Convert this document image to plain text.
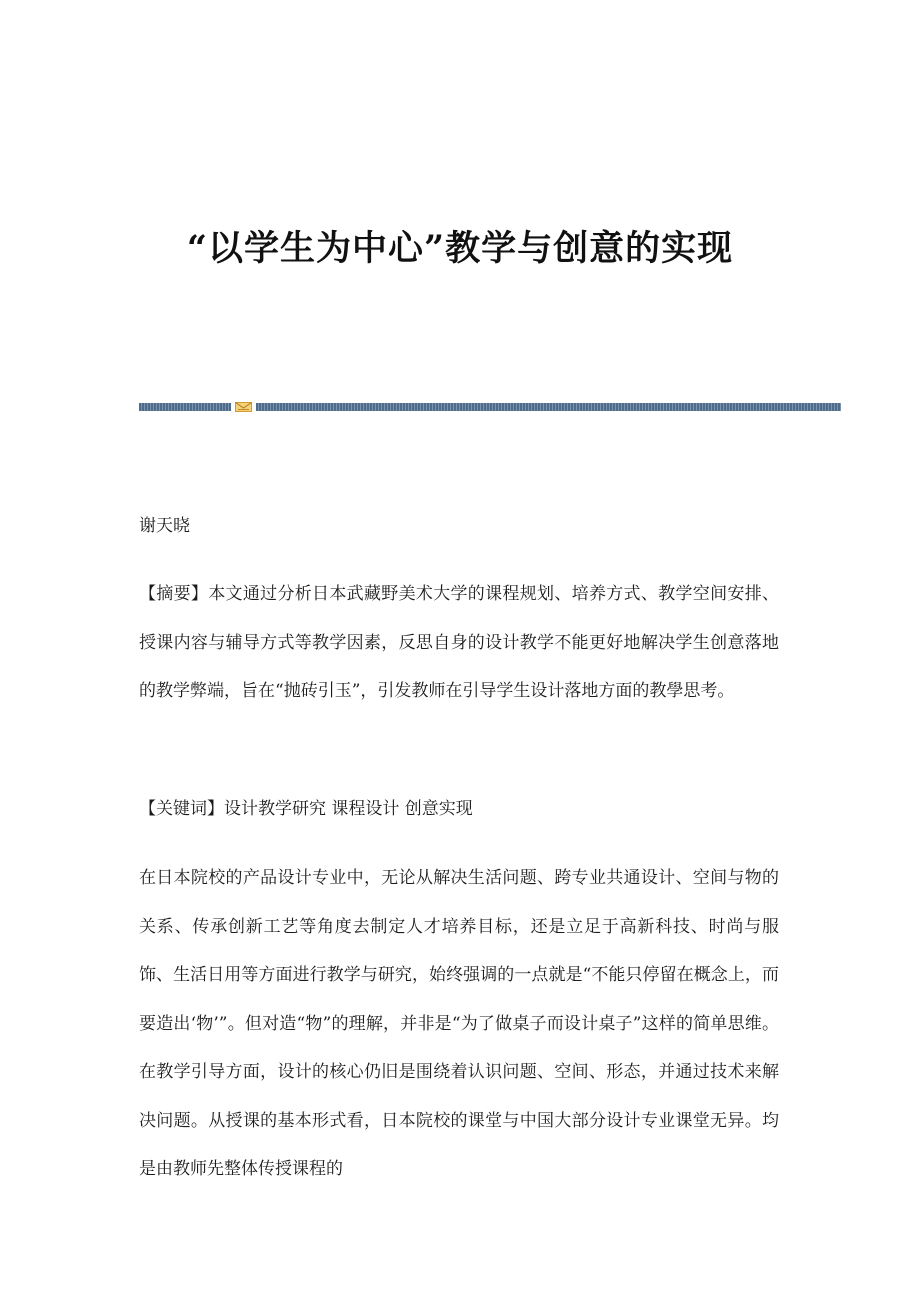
“以学生为中心”教学与创意的实现
谢天晓

【摘要】本文通过分析日本武藏野美术大学的课程规划、培养方式、教学空间安排、授课内容与辅导方式等教学因素，反思自身的设计教学不能更好地解决学生创意落地的教学弊端，旨在“抛砖引玉”，引发教师在引导学生设计落地方面的教學思考。

【关键词】设计教学研究 课程设计 创意实现

在日本院校的产品设计专业中，无论从解决生活问题、跨专业共通设计、空间与物的关系、传承创新工艺等角度去制定人才培养目标，还是立足于高新科技、时尚与服饰、生活日用等方面进行教学与研究，始终强调的一点就是“不能只停留在概念上，而要造出‘物’”。但对造“物”的理解，并非是“为了做桌子而设计桌子”这样的简单思维。在教学引导方面，设计的核心仍旧是围绕着认识问题、空间、形态，并通过技术来解决问题。从授课的基本形式看，日本院校的课堂与中国大部分设计专业课堂无异。均是由教师先整体传授课程的
